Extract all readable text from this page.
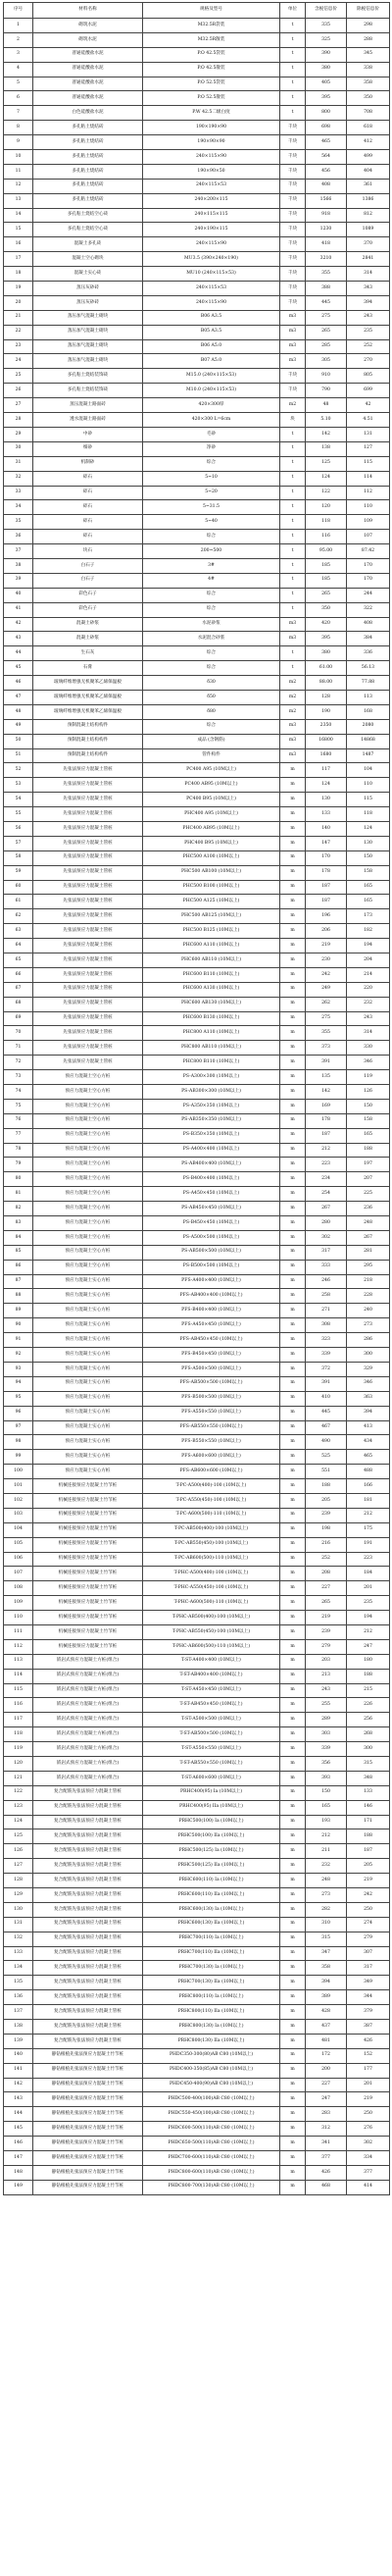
序号	材料名称	规格及型号	单位	含税信息价	除税信息价
1	砌筑水泥	M32.5R袋装	t	335	298
2	砌筑水泥	M32.5R散装	t	325	288
3	普通硅酸盐水泥	P.O 42.5袋装	t	390	345
4	普通硅酸盐水泥	P.O 42.5散装	t	380	338
5	普通硅酸盐水泥	P.O 52.5袋装	t	405	358
6	普通硅酸盐水泥	P.O 52.5散装	t	395	350
7	白色硅酸盐水泥	P.W 42.5二级白度	t	800	708
8	多孔粘土烧结砖	190×190×90	千块	698	618
9	多孔粘土烧结砖	190×90×90	千块	465	412
10	多孔粘土烧结砖	240×115×90	千块	564	499
11	多孔粘土烧结砖	190×90×50	千块	456	404
12	多孔粘土烧结砖	240×115×53	千块	408	361
13	多孔粘土烧结砖	240×200×115	千块	1566	1386
14	多孔粘土烧结空心砖	240×115×115	千块	918	812
15	多孔粘土烧结空心砖	240×190×115	千块	1230	1089
16	混凝土多孔砖	240×115×90	千块	418	370
17	混凝土空心砌块	MU3.5 (390×240×190)	千块	3210	2841
18	混凝土实心砖	MU10 (240×115×53)	千块	355	314
19	蒸压灰砂砖	240×115×53	千块	388	343
20	蒸压灰砂砖	240×115×90	千块	445	394
21	蒸压加气混凝土砌块	B06 A3.5	m3	275	243
22	蒸压加气混凝土砌块	B05 A3.5	m3	265	235
23	蒸压加气混凝土砌块	B06 A5.0	m3	285	252
24	蒸压加气混凝土砌块	B07 A5.0	m3	305	270
25	多孔粘土烧结装饰砖	M15.0 (240×115×53)	千块	910	805
26	多孔粘土烧结装饰砖	M10.0 (240×115×53)	千块	790	699
27	蒸压混凝土路面砖	420×300厚	m2	48	42
28	透水混凝土路面砖	420×300 L=6cm	块	5.10	4.51
29	中砂	毛砂	t	142	131
30	细砂	净砂	t	138	127
31	机制砂	综合	t	125	115
32	碎石	5~10	t	124	114
33	碎石	5~20	t	122	112
34	碎石	5~31.5	t	120	110
35	碎石	5~40	t	118	109
36	碎石	综合	t	116	107
37	块石	200~500	t	95.00	87.42
38	白石子	3#	t	185	170
39	白石子	4#	t	185	170
40	彩色石子	综合	t	265	244
41	彩色石子	综合	t	350	322
42	混凝土砂浆	水泥砂浆	m3	420	408
43	混凝土砂浆	水泥混合砂浆	m3	395	384
44	生石灰	综合	t	380	336
45	石膏	综合	t	61.00	56.13
46	玻璃纤维增强无机聚苯乙烯保温板	δ30	m2	88.00	77.88
47	玻璃纤维增强无机聚苯乙烯保温板	δ50	m2	128	113
48	玻璃纤维增强无机聚苯乙烯保温板	δ80	m2	190	168
49	预制混凝土结构构件	综合	m3	2350	2080
50	预制混凝土结构构件	成品 (含钢筋)	m3	16800	14868
51	预制混凝土结构构件	管件构件	m3	1680	1487
52	先张法预应力混凝土管桩	PC400 A95 (10M以上)	m	117	104
53	先张法预应力混凝土管桩	PC400 AB95 (10M以上)	m	124	110
54	先张法预应力混凝土管桩	PC400 B95 (10M以上)	m	130	115
55	先张法预应力混凝土管桩	PHC400 A95 (10M以上)	m	133	118
56	先张法预应力混凝土管桩	PHC400 AB95 (10M以上)	m	140	124
57	先张法预应力混凝土管桩	PHC400 B95 (10M以上)	m	147	130
58	先张法预应力混凝土管桩	PHC500 A100 (10M以上)	m	170	150
59	先张法预应力混凝土管桩	PHC500 AB100 (10M以上)	m	178	158
60	先张法预应力混凝土管桩	PHC500 B100 (10M以上)	m	187	165
61	先张法预应力混凝土管桩	PHC500 A125 (10M以上)	m	187	165
62	先张法预应力混凝土管桩	PHC500 AB125 (10M以上)	m	196	173
63	先张法预应力混凝土管桩	PHC500 B125 (10M以上)	m	206	182
64	先张法预应力混凝土管桩	PHC600 A110 (10M以上)	m	219	194
65	先张法预应力混凝土管桩	PHC600 AB110 (10M以上)	m	230	204
66	先张法预应力混凝土管桩	PHC600 B110 (10M以上)	m	242	214
67	先张法预应力混凝土管桩	PHC600 A130 (10M以上)	m	249	220
68	先张法预应力混凝土管桩	PHC600 AB130 (10M以上)	m	262	232
69	先张法预应力混凝土管桩	PHC600 B130 (10M以上)	m	275	243
70	先张法预应力混凝土管桩	PHC800 A110 (10M以上)	m	355	314
71	先张法预应力混凝土管桩	PHC800 AB110 (10M以上)	m	373	330
72	先张法预应力混凝土管桩	PHC800 B110 (10M以上)	m	391	346
73	预应力混凝土空心方桩	PS-A300×300 (10M以上)	m	135	119
74	预应力混凝土空心方桩	PS-AB300×300 (10M以上)	m	142	126
75	预应力混凝土空心方桩	PS-A350×350 (10M以上)	m	169	150
76	预应力混凝土空心方桩	PS-AB350×350 (10M以上)	m	178	158
77	预应力混凝土空心方桩	PS-B350×350 (10M以上)	m	187	165
78	预应力混凝土空心方桩	PS-A400×400 (10M以上)	m	212	188
79	预应力混凝土空心方桩	PS-AB400×400 (10M以上)	m	223	197
80	预应力混凝土空心方桩	PS-B400×400 (10M以上)	m	234	207
81	预应力混凝土空心方桩	PS-A450×450 (10M以上)	m	254	225
82	预应力混凝土空心方桩	PS-AB450×450 (10M以上)	m	267	236
83	预应力混凝土空心方桩	PS-B450×450 (10M以上)	m	280	248
84	预应力混凝土空心方桩	PS-A500×500 (10M以上)	m	302	267
85	预应力混凝土空心方桩	PS-AB500×500 (10M以上)	m	317	281
86	预应力混凝土空心方桩	PS-B500×500 (10M以上)	m	333	295
87	预应力混凝土实心方桩	PFS-A400×400 (10M以上)	m	246	218
88	预应力混凝土实心方桩	PFS-AB400×400 (10M以上)	m	258	228
89	预应力混凝土实心方桩	PFS-B400×400 (10M以上)	m	271	240
90	预应力混凝土实心方桩	PFS-A450×450 (10M以上)	m	308	273
91	预应力混凝土实心方桩	PFS-AB450×450 (10M以上)	m	323	286
92	预应力混凝土实心方桩	PFS-B450×450 (10M以上)	m	339	300
93	预应力混凝土实心方桩	PFS-A500×500 (10M以上)	m	372	329
94	预应力混凝土实心方桩	PFS-AB500×500 (10M以上)	m	391	346
95	预应力混凝土实心方桩	PFS-B500×500 (10M以上)	m	410	363
96	预应力混凝土实心方桩	PFS-A550×550 (10M以上)	m	445	394
97	预应力混凝土实心方桩	PFS-AB550×550 (10M以上)	m	467	413
98	预应力混凝土实心方桩	PFS-B550×550 (10M以上)	m	490	434
99	预应力混凝土实心方桩	PFS-A600×600 (10M以上)	m	525	465
100	预应力混凝土实心方桩	PFS-AB600×600 (10M以上)	m	551	488
101	机械连接预应力混凝土竹节桩	T-PC-A500(400)-100 (10M以上)	m	188	166
102	机械连接预应力混凝土竹节桩	T-PC-A550(450)-100 (10M以上)	m	205	181
103	机械连接预应力混凝土竹节桩	T-PC-A600(500)-110 (10M以上)	m	239	212
104	机械连接预应力混凝土竹节桩	T-PC-AB500(400)-100 (10M以上)	m	198	175
105	机械连接预应力混凝土竹节桩	T-PC-AB550(450)-100 (10M以上)	m	216	191
106	机械连接预应力混凝土竹节桩	T-PC-AB600(500)-110 (10M以上)	m	252	223
107	机械连接预应力混凝土竹节桩	T-PHC-A500(400)-100 (10M以上)	m	208	184
108	机械连接预应力混凝土竹节桩	T-PHC-A550(450)-100 (10M以上)	m	227	201
109	机械连接预应力混凝土竹节桩	T-PHC-A600(500)-110 (10M以上)	m	265	235
110	机械连接预应力混凝土竹节桩	T-PHC-AB500(400)-100 (10M以上)	m	219	194
111	机械连接预应力混凝土竹节桩	T-PHC-AB550(450)-100 (10M以上)	m	239	212
112	机械连接预应力混凝土竹节桩	T-PHC-AB600(500)-110 (10M以上)	m	279	247
113	嵌岩式预应力混凝土方桩(组合)	T-ST-A400×400 (10M以上)	m	203	180
114	嵌岩式预应力混凝土方桩(组合)	T-ST-AB400×400 (10M以上)	m	213	188
115	嵌岩式预应力混凝土方桩(组合)	T-ST-A450×450 (10M以上)	m	243	215
116	嵌岩式预应力混凝土方桩(组合)	T-ST-AB450×450 (10M以上)	m	255	226
117	嵌岩式预应力混凝土方桩(组合)	T-ST-A500×500 (10M以上)	m	289	256
118	嵌岩式预应力混凝土方桩(组合)	T-ST-AB500×500 (10M以上)	m	303	268
119	嵌岩式预应力混凝土方桩(组合)	T-ST-A550×550 (10M以上)	m	339	300
120	嵌岩式预应力混凝土方桩(组合)	T-ST-AB550×550 (10M以上)	m	356	315
121	嵌岩式预应力混凝土方桩(组合)	T-ST-A600×600 (10M以上)	m	393	348
122	复合配筋先张法预应力混凝土管桩	PRHC400(95) Ia (10M以上)	m	150	133
123	复合配筋先张法预应力混凝土管桩	PRHC400(95) IIa (10M以上)	m	165	146
124	复合配筋先张法预应力混凝土管桩	PRHC500(100) Ia (10M以上)	m	193	171
125	复合配筋先张法预应力混凝土管桩	PRHC500(100) IIa (10M以上)	m	212	188
126	复合配筋先张法预应力混凝土管桩	PRHC500(125) Ia (10M以上)	m	211	187
127	复合配筋先张法预应力混凝土管桩	PRHC500(125) IIa (10M以上)	m	232	205
128	复合配筋先张法预应力混凝土管桩	PRHC600(110) Ia (10M以上)	m	248	219
129	复合配筋先张法预应力混凝土管桩	PRHC600(110) IIa (10M以上)	m	273	242
130	复合配筋先张法预应力混凝土管桩	PRHC600(130) Ia (10M以上)	m	282	250
131	复合配筋先张法预应力混凝土管桩	PRHC600(130) IIa (10M以上)	m	310	274
132	复合配筋先张法预应力混凝土管桩	PRHC700(110) Ia (10M以上)	m	315	279
133	复合配筋先张法预应力混凝土管桩	PRHC700(110) IIa (10M以上)	m	347	307
134	复合配筋先张法预应力混凝土管桩	PRHC700(130) Ia (10M以上)	m	358	317
135	复合配筋先张法预应力混凝土管桩	PRHC700(130) IIa (10M以上)	m	394	349
136	复合配筋先张法预应力混凝土管桩	PRHC800(110) Ia (10M以上)	m	389	344
137	复合配筋先张法预应力混凝土管桩	PRHC800(110) IIa (10M以上)	m	428	379
138	复合配筋先张法预应力混凝土管桩	PRHC800(130) Ia (10M以上)	m	437	387
139	复合配筋先张法预应力混凝土管桩	PRHC800(130) IIa (10M以上)	m	481	426
140	静钻根植先张法预应力混凝土竹节桩	PHDC350-300(80)AB C80 (10M以上)	m	172	152
141	静钻根植先张法预应力混凝土竹节桩	PHDC400-350(85)AB C80 (10M以上)	m	200	177
142	静钻根植先张法预应力混凝土竹节桩	PHDC450-400(90)AB C80 (10M以上)	m	227	201
143	静钻根植先张法预应力混凝土竹节桩	PHDC500-400(100)AB C80 (10M以上)	m	247	219
144	静钻根植先张法预应力混凝土竹节桩	PHDC550-450(100)AB C80 (10M以上)	m	283	250
145	静钻根植先张法预应力混凝土竹节桩	PHDC600-500(110)AB C80 (10M以上)	m	312	276
146	静钻根植先张法预应力混凝土竹节桩	PHDC650-500(110)AB C80 (10M以上)	m	341	302
147	静钻根植先张法预应力混凝土竹节桩	PHDC700-600(110)AB C80 (10M以上)	m	377	334
148	静钻根植先张法预应力混凝土竹节桩	PHDC800-600(110)AB C80 (10M以上)	m	426	377
149	静钻根植先张法预应力混凝土竹节桩	PHDC800-700(130)AB C80 (10M以上)	m	468	414
